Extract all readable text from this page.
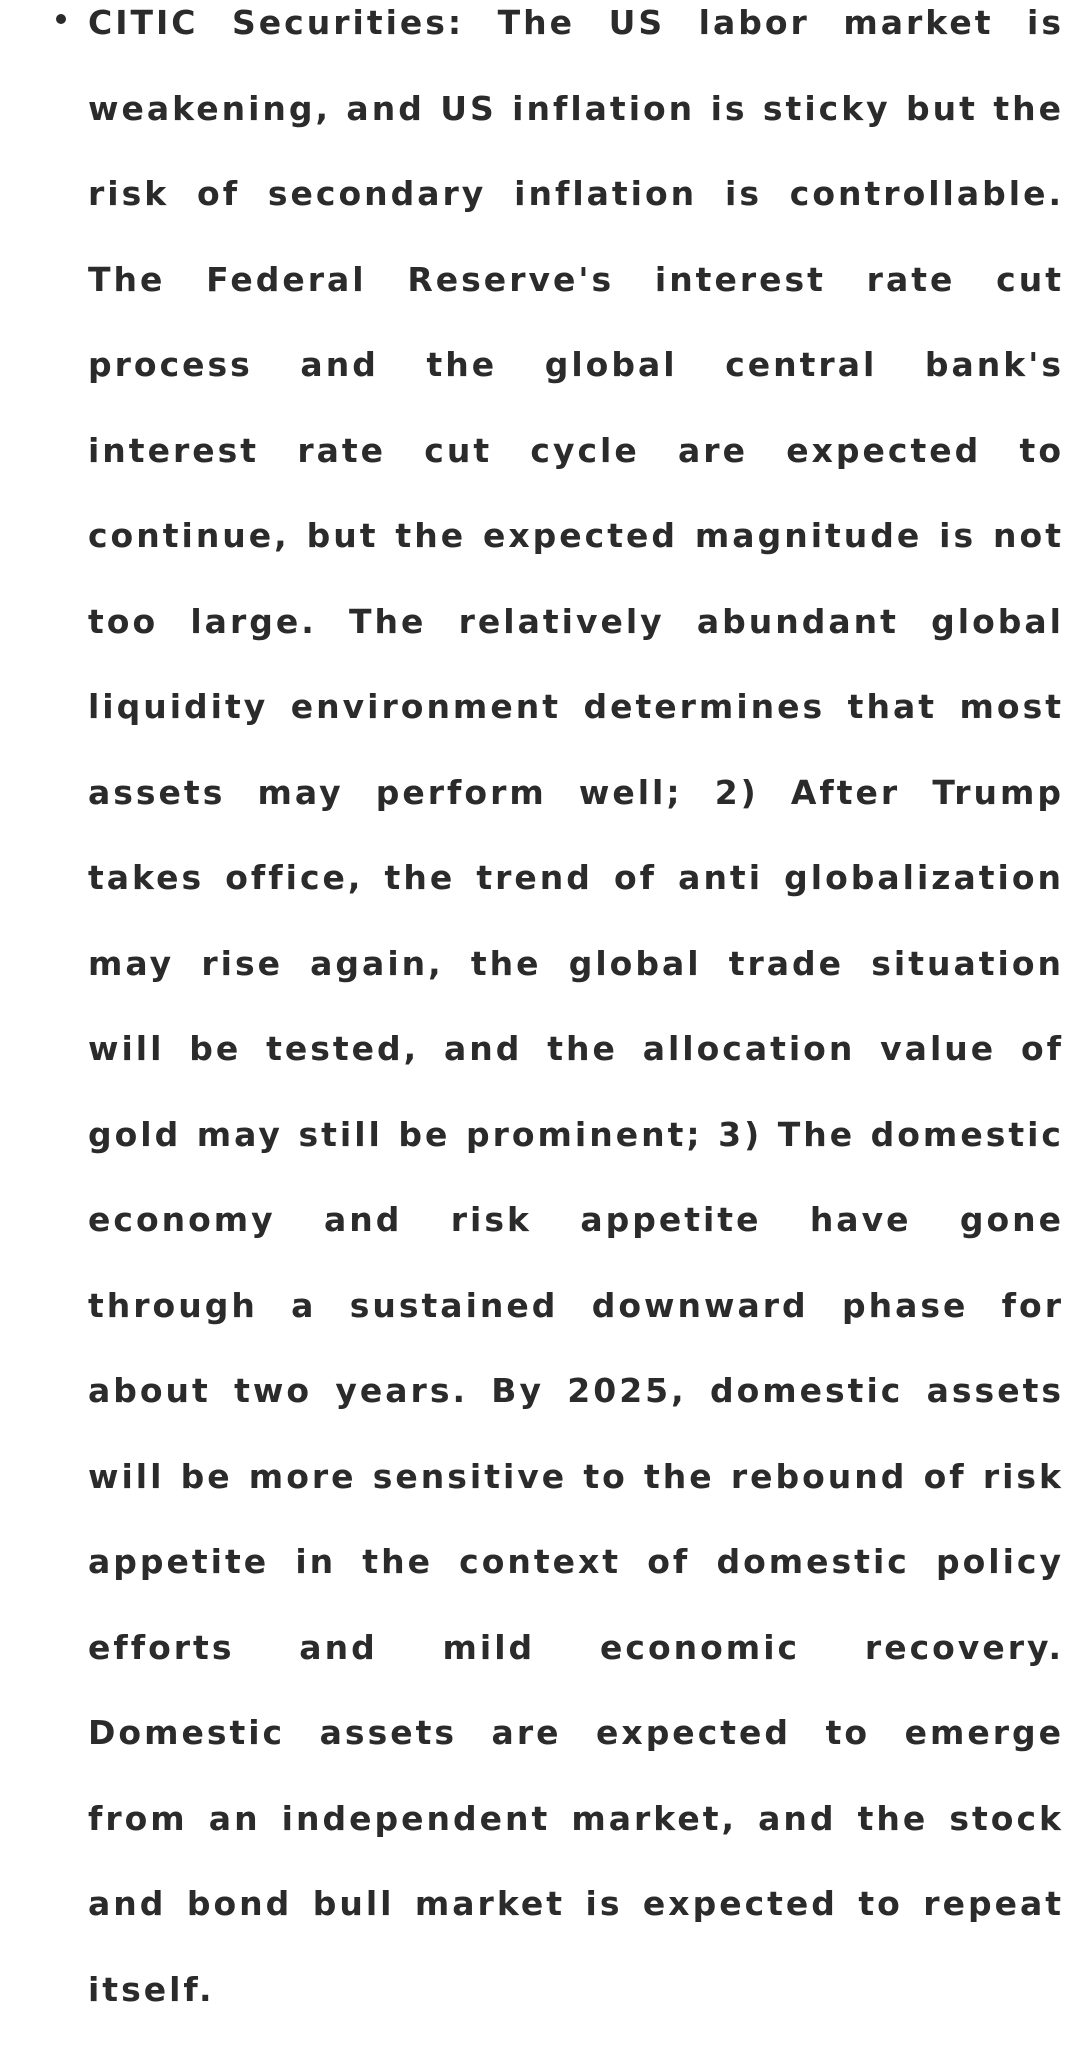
CITIC Securities: The US labor market is weakening, and US inflation is sticky but the risk of secondary inflation is controllable. The Federal Reserve's interest rate cut process and the global central bank's interest rate cut cycle are expected to continue, but the expected magnitude is not too large. The relatively abundant global liquidity environment determines that most assets may perform well; 2) After Trump takes office, the trend of anti globalization may rise again, the global trade situation will be tested, and the allocation value of gold may still be prominent; 3) The domestic economy and risk appetite have gone through a sustained downward phase for about two years. By 2025, domestic assets will be more sensitive to the rebound of risk appetite in the context of domestic policy efforts and mild economic recovery. Domestic assets are expected to emerge from an independent market, and the stock and bond bull market is expected to repeat itself.
